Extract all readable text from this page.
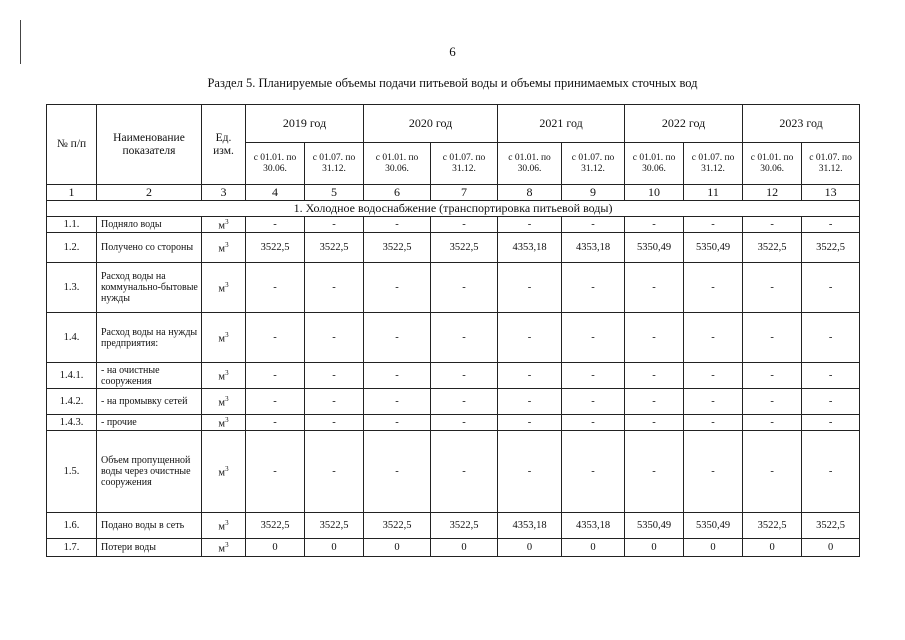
6
Раздел 5. Планируемые объемы подачи питьевой воды и объемы принимаемых сточных вод
№ п/п	Наименование показателя	Ед. изм.	2019 год		2020 год		2021 год		2022 год		2023 год	
			с 01.01. по 30.06.	с 01.07. по 31.12.	с 01.01. по 30.06.	с 01.07. по 31.12.	с 01.01. по 30.06.	с 01.07. по 31.12.	с 01.01. по 30.06.	с 01.07. по 31.12.	с 01.01. по 30.06.	с 01.07. по 31.12.
1	2	3	4	5	6	7	8	9	10	11	12	13
1. Холодное водоснабжение (транспортировка питьевой воды)												
1.1.	Подняло воды	$м^3$	-	-	-	-	-	-	-	-	-	-
1.2.	Получено со стороны	$м^3$	3522,5	3522,5	3522,5	3522,5	4353,18	4353,18	5350,49	5350,49	3522,5	3522,5
1.3.	Расход воды на коммунально-бытовые нужды	$м^3$	-	-	-	-	-	-	-	-	-	-
1.4.	Расход воды на нужды предприятия:	$м^3$	-	-	-	-	-	-	-	-	-	-
1.4.1.	- на очистные сооружения	$м^3$	-	-	-	-	-	-	-	-	-	-
1.4.2.	- на промывку сетей	$м^3$	-	-	-	-	-	-	-	-	-	-
1.4.3.	- прочие	$м^3$	-	-	-	-	-	-	-	-	-	-
1.5.	Объем пропущенной воды через очистные сооружения	$м^3$	-	-	-	-	-	-	-	-	-	-
1.6.	Подано воды в сеть	$м^3$	3522,5	3522,5	3522,5	3522,5	4353,18	4353,18	5350,49	5350,49	3522,5	3522,5
1.7.	Потери воды	$м^3$	0	0	0	0	0	0	0	0	0	0
